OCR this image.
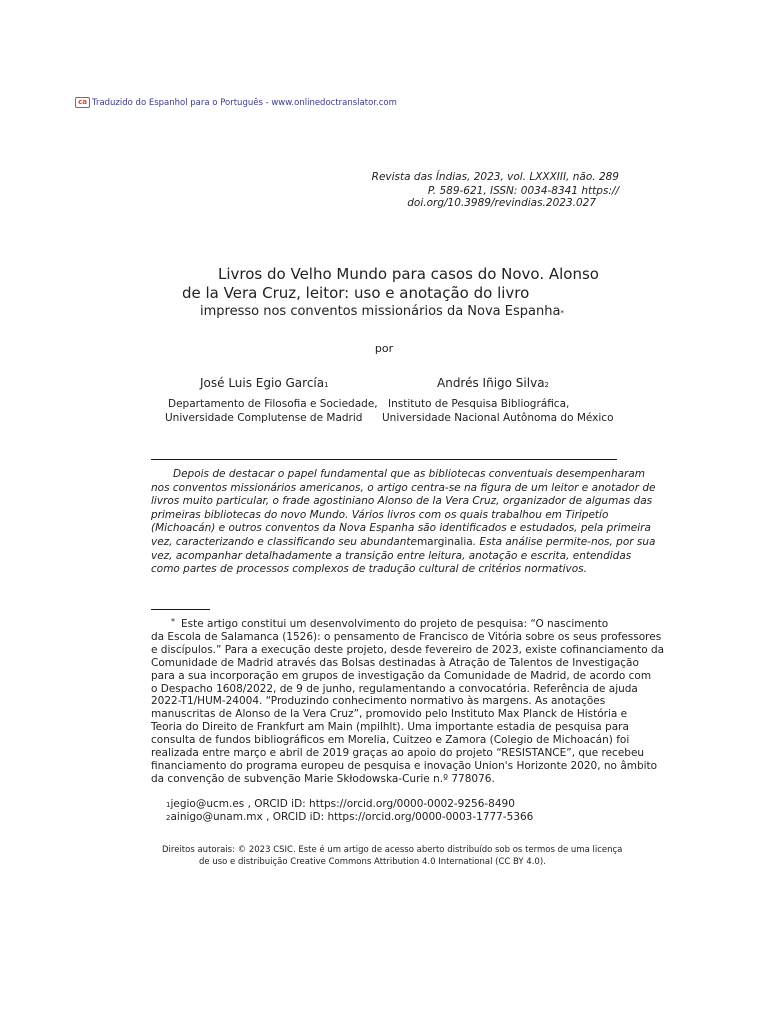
ca Traduzido do Espanhol para o Português - www.onlinedoctranslator.com
Revista das Índias, 2023, vol. LXXXIII, não. 289
P. 589-621, ISSN: 0034-8341 https://
doi.org/10.3989/revindias.2023.027
Livros do Velho Mundo para casos do Novo. Alonso
de la Vera Cruz, leitor: uso e anotação do livro
impresso nos conventos missionários da Nova Espanha*
por
José Luis Egio García1	Andrés Iñigo Silva2
Departamento de Filosofia e Sociedade,
Universidade Complutense de Madrid
Instituto de Pesquisa Bibliográfica,
Universidade Nacional Autônoma do México
Depois de destacar o papel fundamental que as bibliotecas conventuais desempenharam
nos conventos missionários americanos, o artigo centra-se na figura de um leitor e anotador de
livros muito particular, o frade agostiniano Alonso de la Vera Cruz, organizador de algumas das
primeiras bibliotecas do novo Mundo. Vários livros com os quais trabalhou em Tiripetío
(Michoacán) e outros conventos da Nova Espanha são identificados e estudados, pela primeira
vez, caracterizando e classificando seu abundantemarginalia. Esta análise permite-nos, por sua
vez, acompanhar detalhadamente a transição entre leitura, anotação e escrita, entendidas
como partes de processos complexos de tradução cultural de critérios normativos.
* Este artigo constitui um desenvolvimento do projeto de pesquisa: “O nascimento
da Escola de Salamanca (1526): o pensamento de Francisco de Vitória sobre os seus professores
e discípulos.” Para a execução deste projeto, desde fevereiro de 2023, existe cofinanciamento da
Comunidade de Madrid através das Bolsas destinadas à Atração de Talentos de Investigação
para a sua incorporação em grupos de investigação da Comunidade de Madrid, de acordo com
o Despacho 1608/2022, de 9 de junho, regulamentando a convocatória. Referência de ajuda
2022-T1/HUM-24004. “Produzindo conhecimento normativo às margens. As anotações
manuscritas de Alonso de la Vera Cruz”, promovido pelo Instituto Max Planck de História e
Teoria do Direito de Frankfurt am Main (mpilhlt). Uma importante estadia de pesquisa para
consulta de fundos bibliográficos em Morelia, Cuitzeo e Zamora (Colegio de Michoacán) foi
realizada entre março e abril de 2019 graças ao apoio do projeto “RESISTANCE”, que recebeu
financiamento do programa europeu de pesquisa e inovação Union's Horizonte 2020, no âmbito
da convenção de subvenção Marie Skłodowska-Curie n.º 778076.
1jegio@ucm.es , ORCID iD: https://orcid.org/0000-0002-9256-8490
2ainigo@unam.mx , ORCID iD: https://orcid.org/0000-0003-1777-5366
Direitos autorais: © 2023 CSIC. Este é um artigo de acesso aberto distribuído sob os termos de uma licença
de uso e distribuição Creative Commons Attribution 4.0 International (CC BY 4.0).
